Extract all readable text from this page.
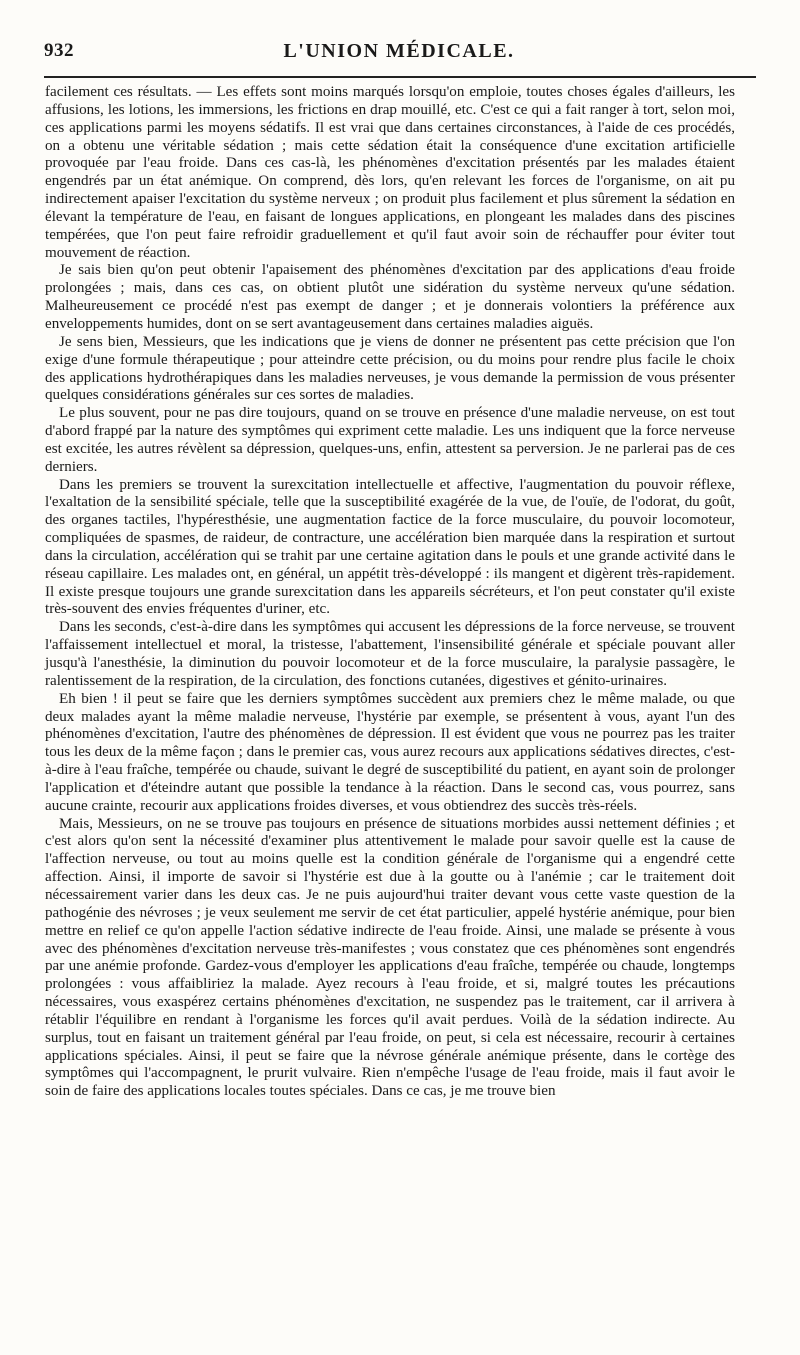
932	L'UNION MÉDICALE.

facilement ces résultats. — Les effets sont moins marqués lorsqu'on emploie, toutes choses égales d'ailleurs, les affusions, les lotions, les immersions, les frictions en drap mouillé, etc. C'est ce qui a fait ranger à tort, selon moi, ces applications parmi les moyens sédatifs. Il est vrai que dans certaines circonstances, à l'aide de ces procédés, on a obtenu une véritable sédation ; mais cette sédation était la conséquence d'une excitation artificielle provoquée par l'eau froide. Dans ces cas-là, les phénomènes d'excitation présentés par les malades étaient engendrés par un état anémique. On comprend, dès lors, qu'en relevant les forces de l'organisme, on ait pu indirectement apaiser l'excitation du système nerveux ; on produit plus facilement et plus sûrement la sédation en élevant la température de l'eau, en faisant de longues applications, en plongeant les malades dans des piscines tempérées, que l'on peut faire refroidir graduellement et qu'il faut avoir soin de réchauffer pour éviter tout mouvement de réaction.

Je sais bien qu'on peut obtenir l'apaisement des phénomènes d'excitation par des applications d'eau froide prolongées ; mais, dans ces cas, on obtient plutôt une sidération du système nerveux qu'une sédation. Malheureusement ce procédé n'est pas exempt de danger ; et je donnerais volontiers la préférence aux enveloppements humides, dont on se sert avantageusement dans certaines maladies aiguës.

Je sens bien, Messieurs, que les indications que je viens de donner ne présentent pas cette précision que l'on exige d'une formule thérapeutique ; pour atteindre cette précision, ou du moins pour rendre plus facile le choix des applications hydrothérapiques dans les maladies nerveuses, je vous demande la permission de vous présenter quelques considérations générales sur ces sortes de maladies.

Le plus souvent, pour ne pas dire toujours, quand on se trouve en présence d'une maladie nerveuse, on est tout d'abord frappé par la nature des symptômes qui expriment cette maladie. Les uns indiquent que la force nerveuse est excitée, les autres révèlent sa dépression, quelques-uns, enfin, attestent sa perversion. Je ne parlerai pas de ces derniers.

Dans les premiers se trouvent la surexcitation intellectuelle et affective, l'augmentation du pouvoir réflexe, l'exaltation de la sensibilité spéciale, telle que la susceptibilité exagérée de la vue, de l'ouïe, de l'odorat, du goût, des organes tactiles, l'hypéresthésie, une augmentation factice de la force musculaire, du pouvoir locomoteur, compliquées de spasmes, de raideur, de contracture, une accélération bien marquée dans la respiration et surtout dans la circulation, accélération qui se trahit par une certaine agitation dans le pouls et une grande activité dans le réseau capillaire. Les malades ont, en général, un appétit très-développé : ils mangent et digèrent très-rapidement. Il existe presque toujours une grande surexcitation dans les appareils sécréteurs, et l'on peut constater qu'il existe très-souvent des envies fréquentes d'uriner, etc.

Dans les seconds, c'est-à-dire dans les symptômes qui accusent les dépressions de la force nerveuse, se trouvent l'affaissement intellectuel et moral, la tristesse, l'abattement, l'insensibilité générale et spéciale pouvant aller jusqu'à l'anesthésie, la diminution du pouvoir locomoteur et de la force musculaire, la paralysie passagère, le ralentissement de la respiration, de la circulation, des fonctions cutanées, digestives et génito-urinaires.

Eh bien ! il peut se faire que les derniers symptômes succèdent aux premiers chez le même malade, ou que deux malades ayant la même maladie nerveuse, l'hystérie par exemple, se présentent à vous, ayant l'un des phénomènes d'excitation, l'autre des phénomènes de dépression. Il est évident que vous ne pourrez pas les traiter tous les deux de la même façon ; dans le premier cas, vous aurez recours aux applications sédatives directes, c'est-à-dire à l'eau fraîche, tempérée ou chaude, suivant le degré de susceptibilité du patient, en ayant soin de prolonger l'application et d'éteindre autant que possible la tendance à la réaction. Dans le second cas, vous pourrez, sans aucune crainte, recourir aux applications froides diverses, et vous obtiendrez des succès très-réels.

Mais, Messieurs, on ne se trouve pas toujours en présence de situations morbides aussi nettement définies ; et c'est alors qu'on sent la nécessité d'examiner plus attentivement le malade pour savoir quelle est la cause de l'affection nerveuse, ou tout au moins quelle est la condition générale de l'organisme qui a engendré cette affection. Ainsi, il importe de savoir si l'hystérie est due à la goutte ou à l'anémie ; car le traitement doit nécessairement varier dans les deux cas. Je ne puis aujourd'hui traiter devant vous cette vaste question de la pathogénie des névroses ; je veux seulement me servir de cet état particulier, appelé hystérie anémique, pour bien mettre en relief ce qu'on appelle l'action sédative indirecte de l'eau froide. Ainsi, une malade se présente à vous avec des phénomènes d'excitation nerveuse très-manifestes ; vous constatez que ces phénomènes sont engendrés par une anémie profonde. Gardez-vous d'employer les applications d'eau fraîche, tempérée ou chaude, longtemps prolongées : vous affaibliriez la malade. Ayez recours à l'eau froide, et si, malgré toutes les précautions nécessaires, vous exaspérez certains phénomènes d'excitation, ne suspendez pas le traitement, car il arrivera à rétablir l'équilibre en rendant à l'organisme les forces qu'il avait perdues. Voilà de la sédation indirecte. Au surplus, tout en faisant un traitement général par l'eau froide, on peut, si cela est nécessaire, recourir à certaines applications spéciales. Ainsi, il peut se faire que la névrose générale anémique présente, dans le cortège des symptômes qui l'accompagnent, le prurit vulvaire. Rien n'empêche l'usage de l'eau froide, mais il faut avoir le soin de faire des applications locales toutes spéciales. Dans ce cas, je me trouve bien
